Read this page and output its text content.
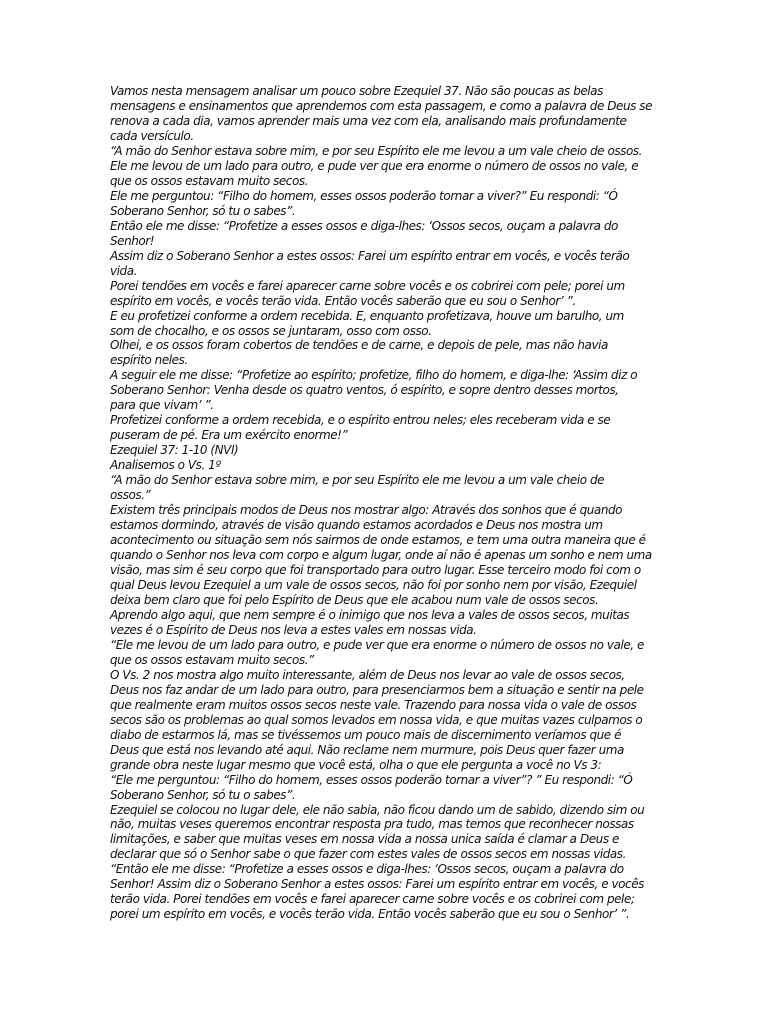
Vamos nesta mensagem analisar um pouco sobre Ezequiel 37. Não são poucas as belas
mensagens e ensinamentos que aprendemos com esta passagem, e como a palavra de Deus se
renova a cada dia, vamos aprender mais uma vez com ela, analisando mais profundamente
cada versículo.
“A mão do Senhor estava sobre mim, e por seu Espírito ele me levou a um vale cheio de ossos.
Ele me levou de um lado para outro, e pude ver que era enorme o número de ossos no vale, e
que os ossos estavam muito secos.
Ele me perguntou: “Filho do homem, esses ossos poderão tornar a viver?” Eu respondi: “Ó
Soberano Senhor, só tu o sabes”.
Então ele me disse: “Profetize a esses ossos e diga-lhes: ‘Ossos secos, ouçam a palavra do
Senhor!
Assim diz o Soberano Senhor a estes ossos: Farei um espírito entrar em vocês, e vocês terão
vida.
Porei tendões em vocês e farei aparecer carne sobre vocês e os cobrirei com pele; porei um
espírito em vocês, e vocês terão vida. Então vocês saberão que eu sou o Senhor’ ”.
E eu profetizei conforme a ordem recebida. E, enquanto profetizava, houve um barulho, um
som de chocalho, e os ossos se juntaram, osso com osso.
Olhei, e os ossos foram cobertos de tendões e de carne, e depois de pele, mas não havia
espírito neles.
A seguir ele me disse: “Profetize ao espírito; profetize, filho do homem, e diga-lhe: ‘Assim diz o
Soberano Senhor: Venha desde os quatro ventos, ó espírito, e sopre dentro desses mortos,
para que vivam’ ”.
Profetizei conforme a ordem recebida, e o espírito entrou neles; eles receberam vida e se
puseram de pé. Era um exército enorme!”
Ezequiel 37: 1-10 (NVI)
Analisemos o Vs. 1º
“A mão do Senhor estava sobre mim, e por seu Espírito ele me levou a um vale cheio de
ossos.”
Existem três principais modos de Deus nos mostrar algo: Através dos sonhos que é quando
estamos dormindo, através de visão quando estamos acordados e Deus nos mostra um
acontecimento ou situação sem nós sairmos de onde estamos, e tem uma outra maneira que é
quando o Senhor nos leva com corpo e algum lugar, onde aí não é apenas um sonho e nem uma
visão, mas sim é seu corpo que foi transportado para outro lugar. Esse terceiro modo foi com o
qual Deus levou Ezequiel a um vale de ossos secos, não foi por sonho nem por visão, Ezequiel
deixa bem claro que foi pelo Espírito de Deus que ele acabou num vale de ossos secos.
Aprendo algo aqui, que nem sempre é o inimigo que nos leva a vales de ossos secos, muitas
vezes é o Espírito de Deus nos leva a estes vales em nossas vida.
“Ele me levou de um lado para outro, e pude ver que era enorme o número de ossos no vale, e
que os ossos estavam muito secos.”
O Vs. 2 nos mostra algo muito interessante, além de Deus nos levar ao vale de ossos secos,
Deus nos faz andar de um lado para outro, para presenciarmos bem a situação e sentir na pele
que realmente eram muitos ossos secos neste vale. Trazendo para nossa vida o vale de ossos
secos são os problemas ao qual somos levados em nossa vida, e que muitas vazes culpamos o
diabo de estarmos lá, mas se tivéssemos um pouco mais de discernimento veríamos que é
Deus que está nos levando até aqui. Não reclame nem murmure, pois Deus quer fazer uma
grande obra neste lugar mesmo que você está, olha o que ele pergunta a você no Vs 3:
“Ele me perguntou: “Filho do homem, esses ossos poderão tornar a viver”? ” Eu respondi: “Ó
Soberano Senhor, só tu o sabes”.
Ezequiel se colocou no lugar dele, ele não sabia, não ficou dando um de sabido, dizendo sim ou
não, muitas veses queremos encontrar resposta pra tudo, mas temos que reconhecer nossas
limitações, e saber que muitas veses em nossa vida a nossa unica saída é clamar a Deus e
declarar que só o Senhor sabe o que fazer com estes vales de ossos secos em nossas vidas.
“Então ele me disse: “Profetize a esses ossos e diga-lhes: ‘Ossos secos, ouçam a palavra do
Senhor! Assim diz o Soberano Senhor a estes ossos: Farei um espírito entrar em vocês, e vocês
terão vida. Porei tendões em vocês e farei aparecer carne sobre vocês e os cobrirei com pele;
porei um espírito em vocês, e vocês terão vida. Então vocês saberão que eu sou o Senhor’ ”.
